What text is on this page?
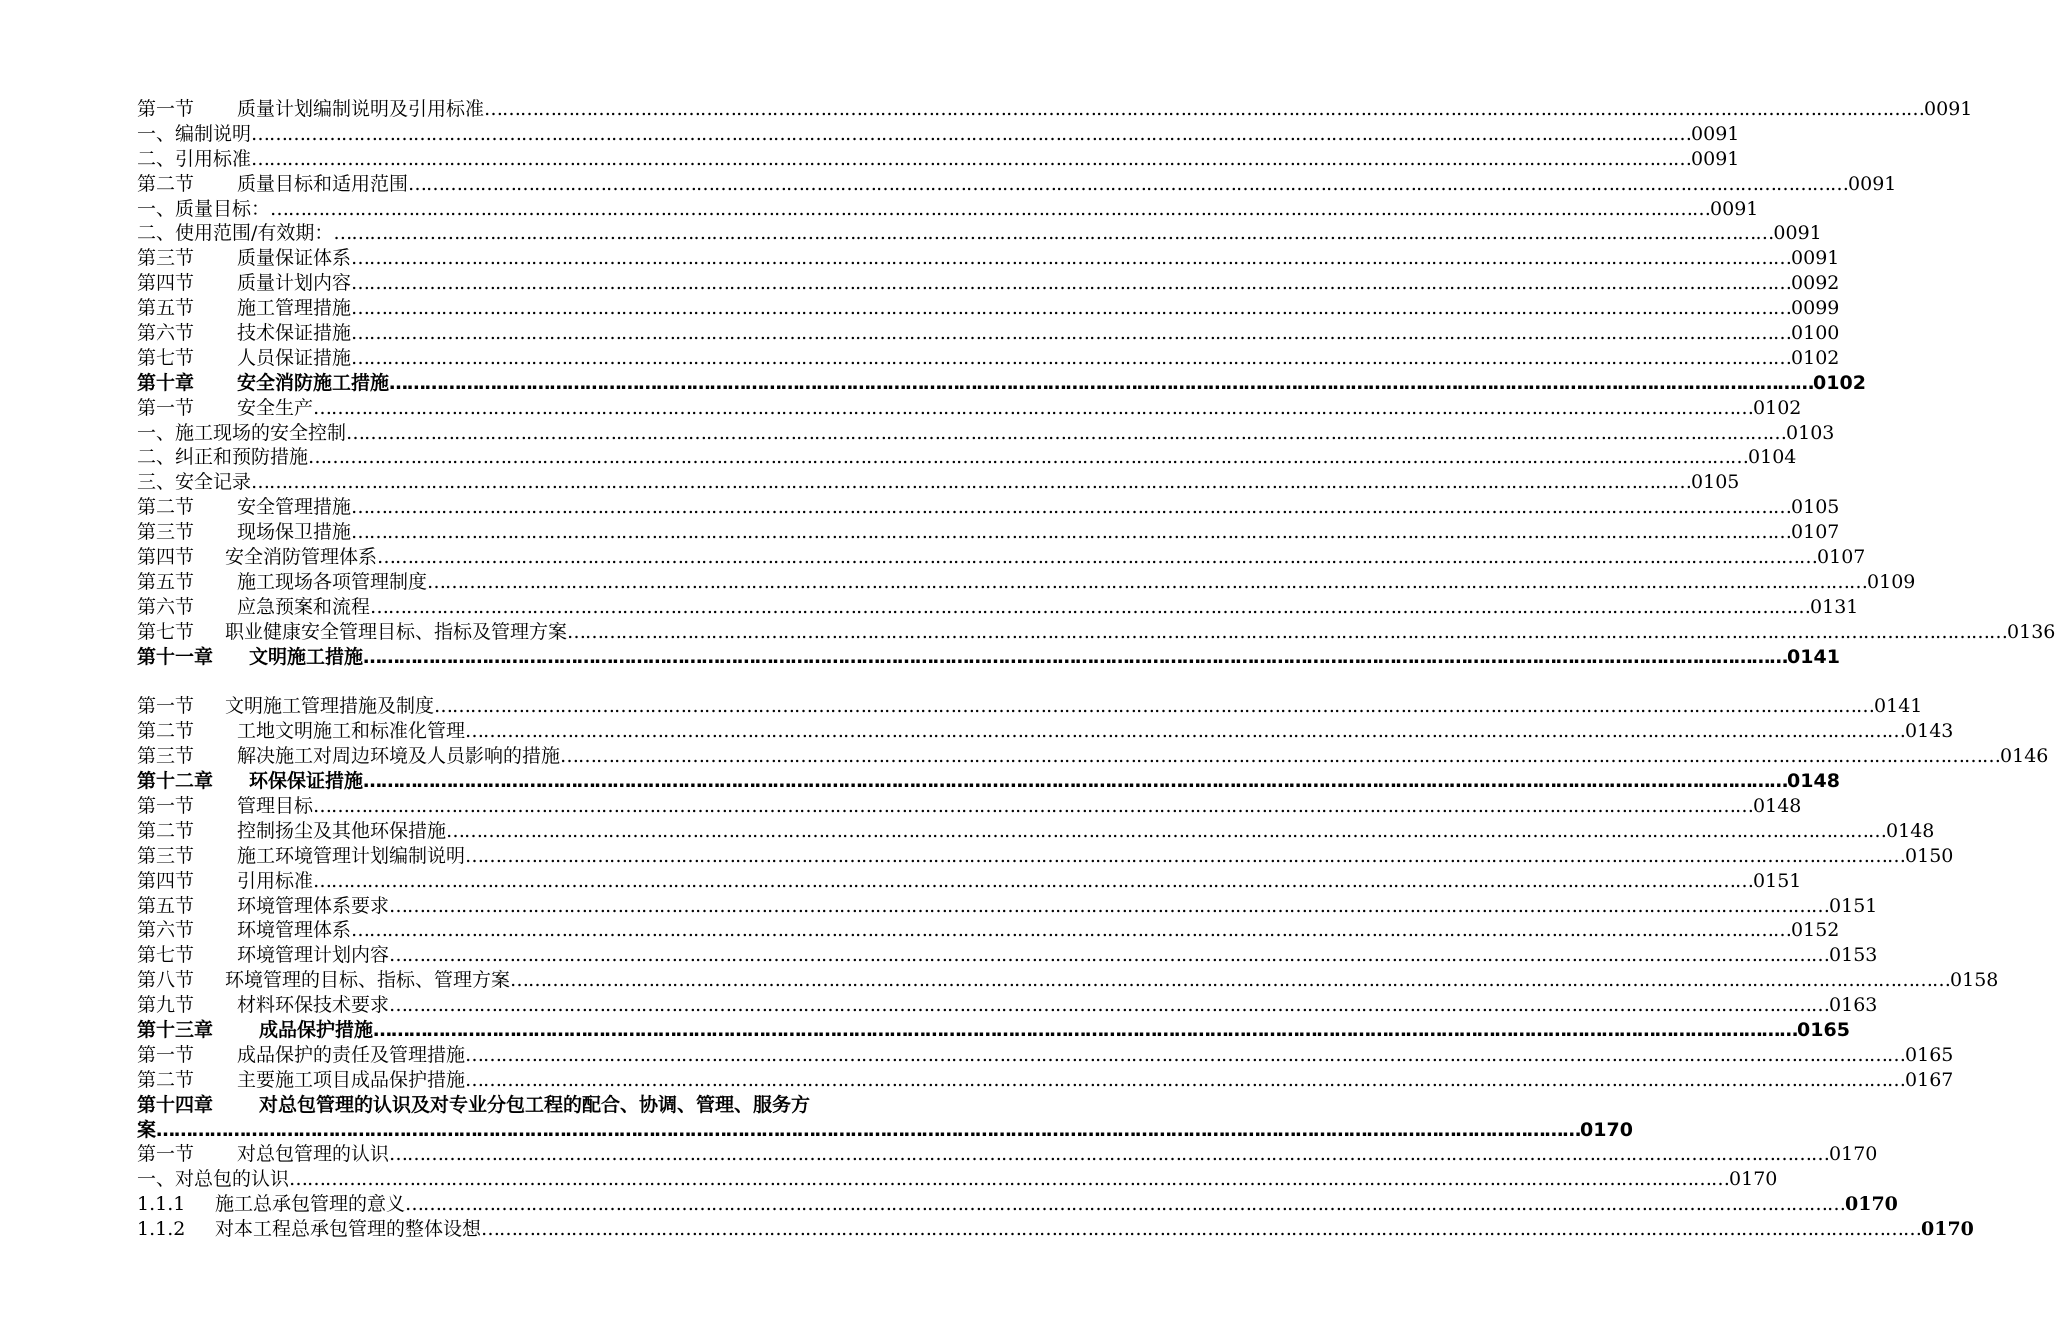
第一节	质量计划编制说明及引用标准 …………………………………………………………………………………………………………………………………………………………………………………………………………………… 0091
一、编制说明 …………………………………………………………………………………………………………………………………………………………………………………………………………………… 0091
二、引用标准 …………………………………………………………………………………………………………………………………………………………………………………………………………………… 0091
第二节	质量目标和适用范围 …………………………………………………………………………………………………………………………………………………………………………………………………………………… 0091
一、质量目标： …………………………………………………………………………………………………………………………………………………………………………………………………………………… 0091
二、使用范围/有效期： …………………………………………………………………………………………………………………………………………………………………………………………………………………… 0091
第三节	质量保证体系 …………………………………………………………………………………………………………………………………………………………………………………………………………………… 0091
第四节	质量计划内容 …………………………………………………………………………………………………………………………………………………………………………………………………………………… 0092
第五节	施工管理措施 …………………………………………………………………………………………………………………………………………………………………………………………………………………… 0099
第六节	技术保证措施 …………………………………………………………………………………………………………………………………………………………………………………………………………………… 0100
第七节	人员保证措施 …………………………………………………………………………………………………………………………………………………………………………………………………………………… 0102
第十章	安全消防施工措施 …………………………………………………………………………………………………………………………………………………………………………………………………………………… 0102
第一节	安全生产 …………………………………………………………………………………………………………………………………………………………………………………………………………………… 0102
一、施工现场的安全控制 …………………………………………………………………………………………………………………………………………………………………………………………………………………… 0103
二、纠正和预防措施 …………………………………………………………………………………………………………………………………………………………………………………………………………………… 0104
三、安全记录 …………………………………………………………………………………………………………………………………………………………………………………………………………………… 0105
第二节	安全管理措施 …………………………………………………………………………………………………………………………………………………………………………………………………………………… 0105
第三节	现场保卫措施 …………………………………………………………………………………………………………………………………………………………………………………………………………………… 0107
第四节	安全消防管理体系 …………………………………………………………………………………………………………………………………………………………………………………………………………………… 0107
第五节	施工现场各项管理制度 …………………………………………………………………………………………………………………………………………………………………………………………………………………… 0109
第六节	应急预案和流程 …………………………………………………………………………………………………………………………………………………………………………………………………………………… 0131
第七节	职业健康安全管理目标、指标及管理方案 …………………………………………………………………………………………………………………………………………………………………………………………………………………… 0136
第十一章	文明施工措施 …………………………………………………………………………………………………………………………………………………………………………………………………………………… 0141
第一节	文明施工管理措施及制度 …………………………………………………………………………………………………………………………………………………………………………………………………………………… 0141
第二节	工地文明施工和标准化管理 …………………………………………………………………………………………………………………………………………………………………………………………………………………… 0143
第三节	解决施工对周边环境及人员影响的措施 …………………………………………………………………………………………………………………………………………………………………………………………………………………… 0146
第十二章	环保保证措施 …………………………………………………………………………………………………………………………………………………………………………………………………………………… 0148
第一节	管理目标 …………………………………………………………………………………………………………………………………………………………………………………………………………………… 0148
第二节	控制扬尘及其他环保措施 …………………………………………………………………………………………………………………………………………………………………………………………………………………… 0148
第三节	施工环境管理计划编制说明 …………………………………………………………………………………………………………………………………………………………………………………………………………………… 0150
第四节	引用标准 …………………………………………………………………………………………………………………………………………………………………………………………………………………… 0151
第五节	环境管理体系要求 …………………………………………………………………………………………………………………………………………………………………………………………………………………… 0151
第六节	环境管理体系 …………………………………………………………………………………………………………………………………………………………………………………………………………………… 0152
第七节	环境管理计划内容 …………………………………………………………………………………………………………………………………………………………………………………………………………………… 0153
第八节	环境管理的目标、指标、管理方案 …………………………………………………………………………………………………………………………………………………………………………………………………………………… 0158
第九节	材料环保技术要求 …………………………………………………………………………………………………………………………………………………………………………………………………………………… 0163
第十三章	成品保护措施 …………………………………………………………………………………………………………………………………………………………………………………………………………………… 0165
第一节	成品保护的责任及管理措施 …………………………………………………………………………………………………………………………………………………………………………………………………………………… 0165
第二节	主要施工项目成品保护措施 …………………………………………………………………………………………………………………………………………………………………………………………………………………… 0167
第十四章	对总包管理的认识及对专业分包工程的配合、协调、管理、服务方
案 …………………………………………………………………………………………………………………………………………………………………………………………………………………… 0170
第一节	对总包管理的认识 …………………………………………………………………………………………………………………………………………………………………………………………………………………… 0170
一、对总包的认识 …………………………………………………………………………………………………………………………………………………………………………………………………………………… 0170
1.1.1	施工总承包管理的意义 …………………………………………………………………………………………………………………………………………………………………………………………………………………… 0170
1.1.2	对本工程总承包管理的整体设想 …………………………………………………………………………………………………………………………………………………………………………………………………………………… 0170
